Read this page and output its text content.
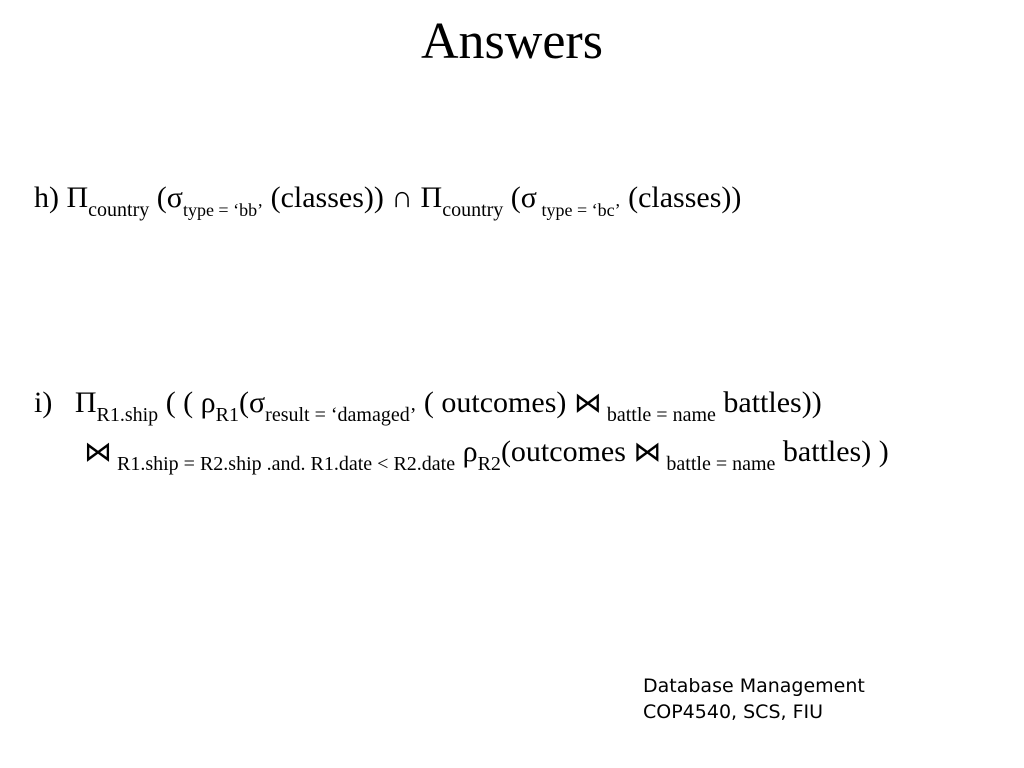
Answers
h) $\Pi_{country}$ ($\sigma_{type = ‘bb’}$ (classes)) ∩ $\Pi_{country}$ (σ $_{type = ‘bc’}$ (classes))
i) $\Pi_{R1.ship}$ ( ( $\rho_{R1}(\sigma_{result = ‘damaged’}$ ( outcomes) ⋈ $_{battle = name}$ battles))
⋈ $_{R1.ship = R2.ship .and. R1.date < R2.date}$ $\rho_{R2}(outcomes$ ⋈ $_{battle = name}$ battles) )
Database Management
COP4540, SCS, FIU
